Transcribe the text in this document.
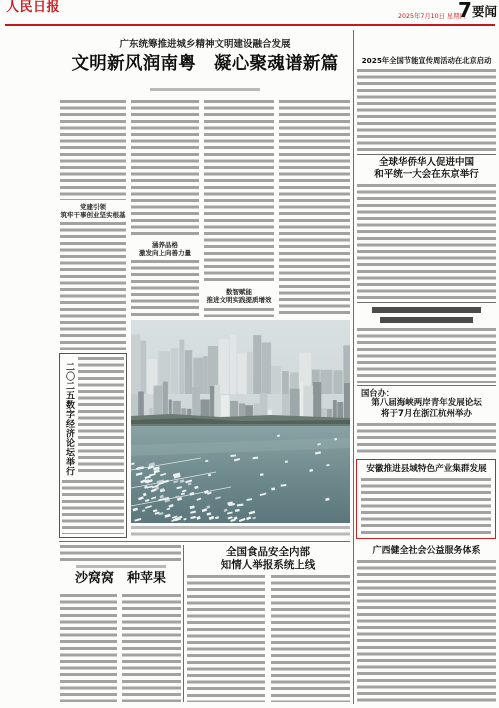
人民日报
2025年7月10日 星期四
7 要闻
广东统筹推进城乡精神文明建设融合发展
文明新风润南粤　凝心聚魂谱新篇
党建引领
筑牢干事创业坚实根基
涵养品格
激发向上向善力量
数智赋能
推进文明实践提质增效
二〇二五数字经济论坛举行
沙窝窝　种苹果
全国食品安全内部
知情人举报系统上线
2025年全国节能宣传周活动在北京启动
全球华侨华人促进中国
和平统一大会在东京举行
国台办：
第八届海峡两岸青年发展论坛
将于7月在浙江杭州举办
安徽推进县域特色产业集群发展
广西健全社会公益服务体系
